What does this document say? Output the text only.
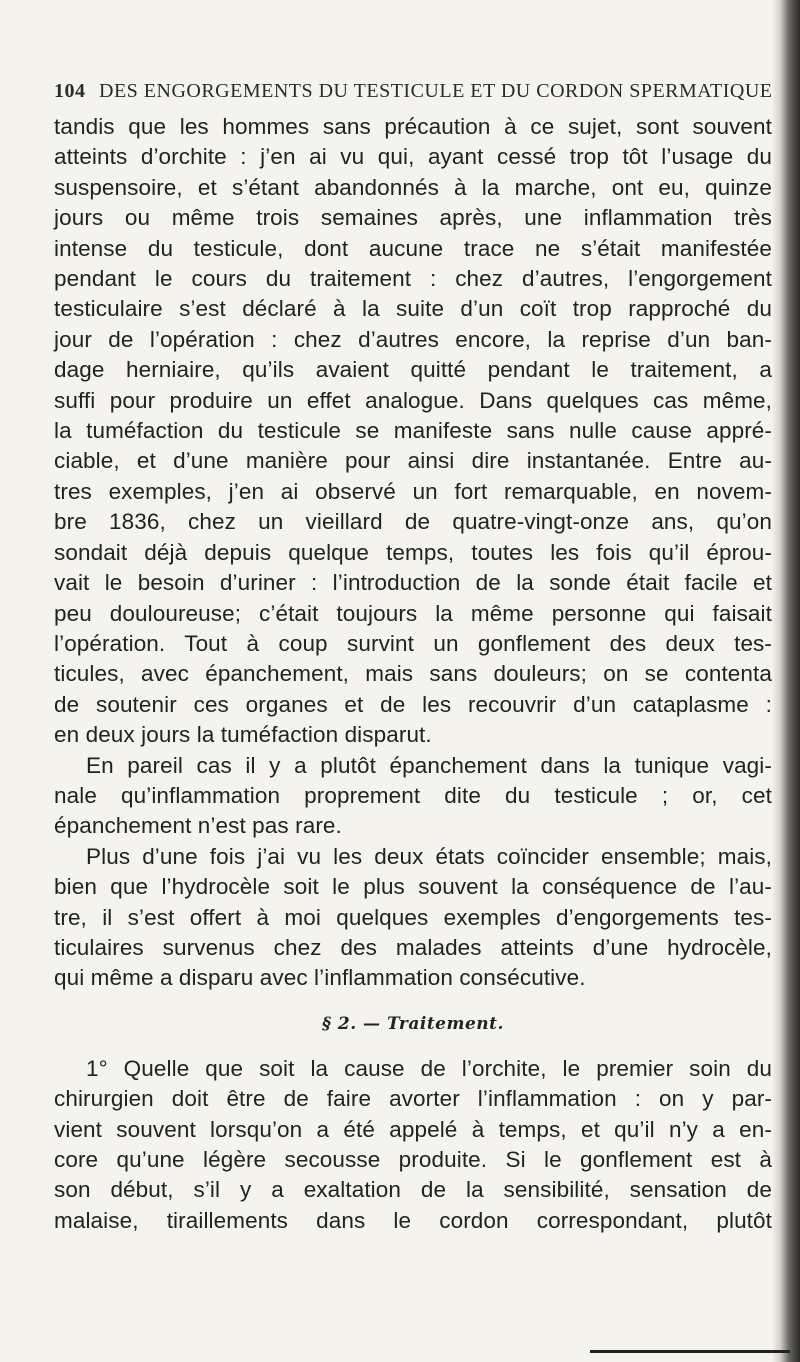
104 DES ENGORGEMENTS DU TESTICULE ET DU CORDON SPERMATIQUE
tandis que les hommes sans précaution à ce sujet, sont souvent
atteints d’orchite : j’en ai vu qui, ayant cessé trop tôt l’usage du
suspensoire, et s’étant abandonnés à la marche, ont eu, quinze
jours ou même trois semaines après, une inflammation très
intense du testicule, dont aucune trace ne s’était manifestée
pendant le cours du traitement : chez d’autres, l’engorgement
testiculaire s’est déclaré à la suite d’un coït trop rapproché du
jour de l’opération : chez d’autres encore, la reprise d’un ban-
dage herniaire, qu’ils avaient quitté pendant le traitement, a
suffi pour produire un effet analogue. Dans quelques cas même,
la tuméfaction du testicule se manifeste sans nulle cause appré-
ciable, et d’une manière pour ainsi dire instantanée. Entre au-
tres exemples, j’en ai observé un fort remarquable, en novem-
bre 1836, chez un vieillard de quatre-vingt-onze ans, qu’on
sondait déjà depuis quelque temps, toutes les fois qu’il éprou-
vait le besoin d’uriner : l’introduction de la sonde était facile et
peu douloureuse; c’était toujours la même personne qui faisait
l’opération. Tout à coup survint un gonflement des deux tes-
ticules, avec épanchement, mais sans douleurs; on se contenta
de soutenir ces organes et de les recouvrir d’un cataplasme :
en deux jours la tuméfaction disparut.
En pareil cas il y a plutôt épanchement dans la tunique vagi-
nale qu’inflammation proprement dite du testicule ; or, cet
épanchement n’est pas rare.
Plus d’une fois j’ai vu les deux états coïncider ensemble; mais,
bien que l’hydrocèle soit le plus souvent la conséquence de l’au-
tre, il s’est offert à moi quelques exemples d’engorgements tes-
ticulaires survenus chez des malades atteints d’une hydrocèle,
qui même a disparu avec l’inflammation consécutive.
§ 2. — Traitement.
1° Quelle que soit la cause de l’orchite, le premier soin du
chirurgien doit être de faire avorter l’inflammation : on y par-
vient souvent lorsqu’on a été appelé à temps, et qu’il n’y a en-
core qu’une légère secousse produite. Si le gonflement est à
son début, s’il y a exaltation de la sensibilité, sensation de
malaise, tiraillements dans le cordon correspondant, plutôt
